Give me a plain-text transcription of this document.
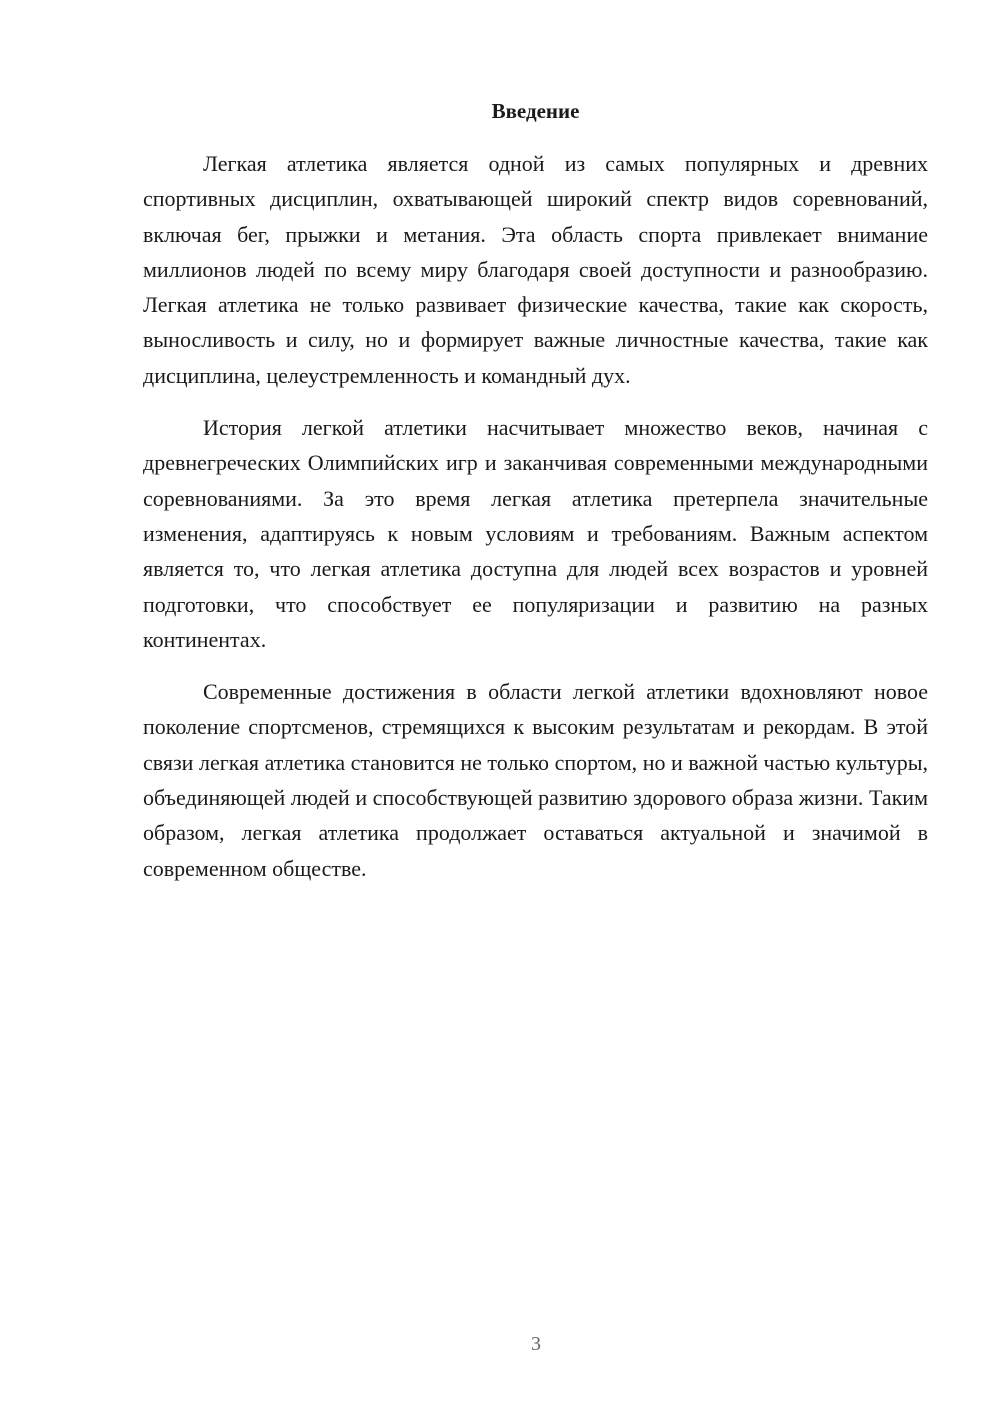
Введение

Легкая атлетика является одной из самых популярных и древних спортивных дисциплин, охватывающей широкий спектр видов соревнований, включая бег, прыжки и метания. Эта область спорта привлекает внимание миллионов людей по всему миру благодаря своей доступности и разнообразию. Легкая атлетика не только развивает физические качества, такие как скорость, выносливость и силу, но и формирует важные личностные качества, такие как дисциплина, целеустремленность и командный дух.

История легкой атлетики насчитывает множество веков, начиная с древнегреческих Олимпийских игр и заканчивая современными международными соревнованиями. За это время легкая атлетика претерпела значительные изменения, адаптируясь к новым условиям и требованиям. Важным аспектом является то, что легкая атлетика доступна для людей всех возрастов и уровней подготовки, что способствует ее популяризации и развитию на разных континентах.

Современные достижения в области легкой атлетики вдохновляют новое поколение спортсменов, стремящихся к высоким результатам и рекордам. В этой связи легкая атлетика становится не только спортом, но и важной частью культуры, объединяющей людей и способствующей развитию здорового образа жизни. Таким образом, легкая атлетика продолжает оставаться актуальной и значимой в современном обществе.

3
